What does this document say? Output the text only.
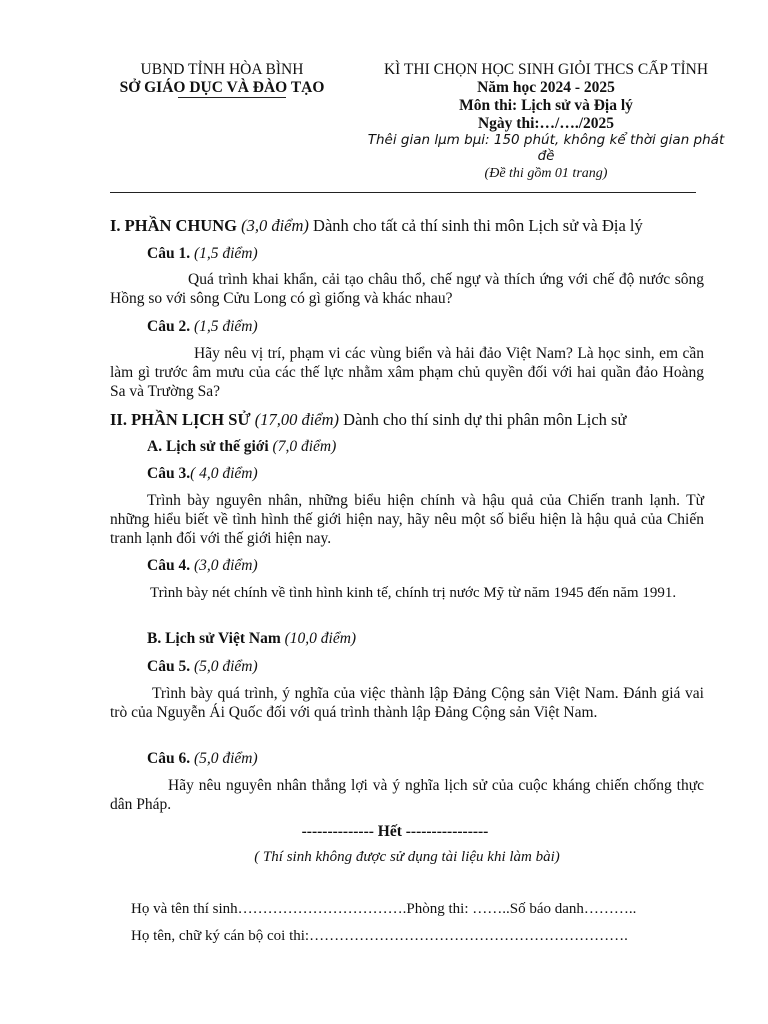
UBND TỈNH HÒA BÌNH
SỞ GIÁO DỤC VÀ ĐÀO TẠO
KÌ THI CHỌN HỌC SINH GIỎI THCS CẤP TỈNH
Năm học 2024 - 2025
Môn thi: Lịch sử và Địa lý
Ngày thi:…/…./2025
Thêi gian lµm bµi: 150 phút, không kể thời gian phát
đề
(Đề thi gồm 01 trang)
I. PHẦN CHUNG (3,0 điểm) Dành cho tất cả thí sinh thi môn Lịch sử và Địa lý
Câu 1. (1,5 điểm)
Quá trình khai khẩn, cải tạo châu thổ, chế ngự và thích ứng với chế độ nước sông Hồng so với sông Cửu Long có gì giống và khác nhau?
Câu 2. (1,5 điểm)
Hãy nêu vị trí, phạm vi các vùng biển và hải đảo Việt Nam? Là học sinh, em cần làm gì trước âm mưu của các thế lực nhằm xâm phạm chủ quyền đối với hai quần đảo Hoàng Sa và Trường Sa?
II. PHẦN LỊCH SỬ (17,00 điểm) Dành cho thí sinh dự thi phân môn Lịch sử
A. Lịch sử thế giới (7,0 điểm)
Câu 3.( 4,0 điểm)
Trình bày nguyên nhân, những biểu hiện chính và hậu quả của Chiến tranh lạnh. Từ những hiểu biết về tình hình thế giới hiện nay, hãy nêu một số biểu hiện là hậu quả của Chiến tranh lạnh đối với thế giới hiện nay.
Câu 4. (3,0 điểm)
Trình bày nét chính về tình hình kinh tế, chính trị nước Mỹ từ năm 1945 đến năm 1991.
B. Lịch sử Việt Nam (10,0 điểm)
Câu 5. (5,0 điểm)
Trình bày quá trình, ý nghĩa của việc thành lập Đảng Cộng sản Việt Nam. Đánh giá vai trò của Nguyễn Ái Quốc đối với quá trình thành lập Đảng Cộng sản Việt Nam.
Câu 6. (5,0 điểm)
Hãy nêu nguyên nhân thắng lợi và ý nghĩa lịch sử của cuộc kháng chiến chống thực dân Pháp.
-------------- Hết ----------------
( Thí sinh không được sử dụng tài liệu khi làm bài)
Họ và tên thí sinh…………………………….Phòng thi: ……..Số báo danh………..
Họ tên, chữ ký cán bộ coi thi:……………………………………………………….
